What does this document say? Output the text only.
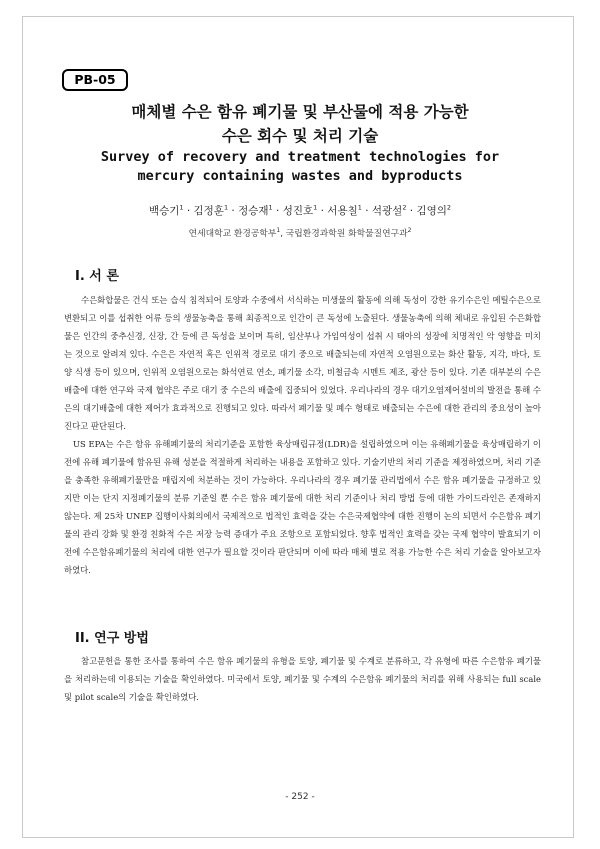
PB-05
매체별 수은 함유 폐기물 및 부산물에 적용 가능한
수은 회수 및 처리 기술
Survey of recovery and treatment technologies for
mercury containing wastes and byproducts
백승기$^1$ · 김정훈$^1$ · 정승재$^1$ · 성진호$^1$ · 서용칠$^1$ · 석광설$^2$ · 김영의$^2$
연세대학교 환경공학부$^1$, 국립환경과학원 화학물질연구과$^2$
I. 서 론

수은화합물은 건식 또는 습식 침적되어 토양과 수중에서 서식하는 미생물의 활동에 의해 독성이 강한 유기수은인 메틸수은으로 변환되고 이를 섭취한 어류 등의 생물농축을 통해 최종적으로 인간이 큰 독성에 노출된다. 생물농축에 의해 체내로 유입된 수은화합물은 인간의 중추신경, 신장, 간 등에 큰 독성을 보이며 특히, 임산부나 가임여성이 섭취 시 태아의 성장에 치명적인 악 영향을 미치는 것으로 알려져 있다. 수은은 자연적 혹은 인위적 경로로 대기 중으로 배출되는데 자연적 오염원으로는 화산 활동, 지각, 바다, 토양 식생 등이 있으며, 인위적 오염원으로는 화석연료 연소, 폐기물 소각, 비철금속 시멘트 제조, 광산 등이 있다. 기존 대부분의 수은 배출에 대한 연구와 국제 협약은 주로 대기 중 수은의 배출에 집중되어 있었다. 우리나라의 경우 대기오염제어설비의 발전을 통해 수은의 대기배출에 대한 제어가 효과적으로 진행되고 있다. 따라서 폐기물 및 폐수 형태로 배출되는 수은에 대한 관리의 중요성이 높아진다고 판단된다.

US EPA는 수은 함유 유해폐기물의 처리기준을 포함한 육상매립규정(LDR)을 설립하였으며 이는 유해폐기물을 육상매립하기 이전에 유해 폐기물에 함유된 유해 성분을 적절하게 처리하는 내용을 포함하고 있다. 기술기반의 처리 기준을 제정하였으며, 처리 기준을 충족한 유해폐기물만을 매립지에 처분하는 것이 가능하다. 우리나라의 경우 폐기물 관리법에서 수은 함유 폐기물을 규정하고 있지만 이는 단지 지정폐기물의 분류 기준일 뿐 수은 함유 폐기물에 대한 처리 기준이나 처리 방법 등에 대한 가이드라인은 존재하지 않는다. 제 25차 UNEP 집행이사회의에서 국제적으로 법적인 효력을 갖는 수은국제협약에 대한 진행이 논의 되면서 수은함유 폐기물의 관리 강화 및 환경 친화적 수은 저장 능력 증대가 주요 조항으로 포함되었다. 향후 법적인 효력을 갖는 국제 협약이 발효되기 이전에 수은함유폐기물의 처리에 대한 연구가 필요할 것이라 판단되며 이에 따라 매체 별로 적용 가능한 수은 처리 기술을 알아보고자 하였다.

II. 연구 방법

참고문헌을 통한 조사를 통하여 수은 함유 폐기물의 유형을 토양, 폐기물 및 수계로 분류하고, 각 유형에 따른 수은함유 폐기물을 처리하는데 이용되는 기술을 확인하였다. 미국에서 토양, 폐기물 및 수계의 수은함유 폐기물의 처리를 위해 사용되는 full scale 및 pilot scale의 기술을 확인하였다.

- 252 -
